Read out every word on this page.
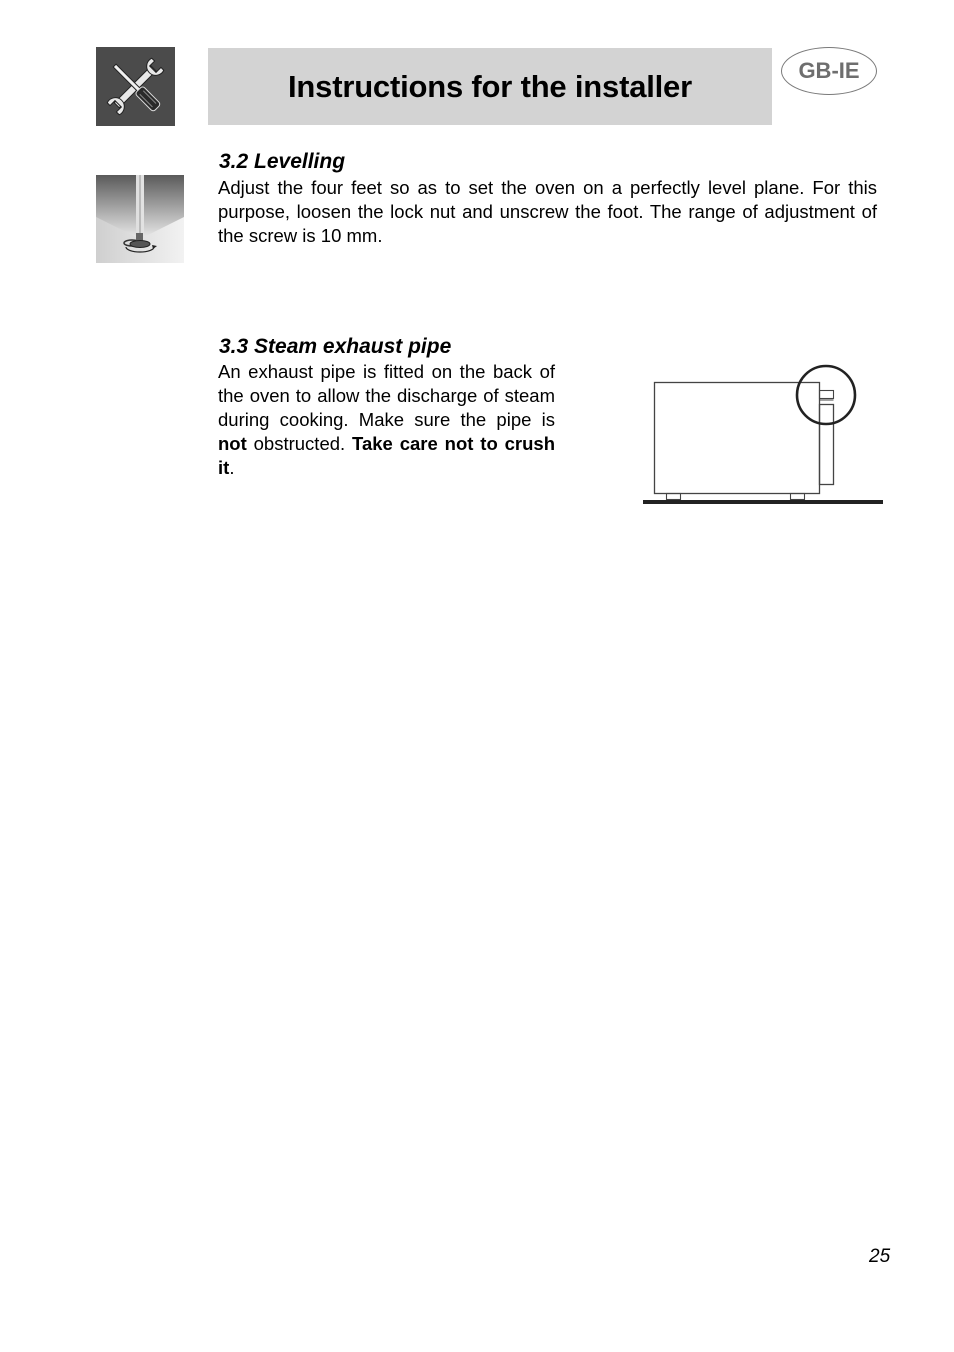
Instructions for the installer	GB-IE
3.2 Levelling
Adjust the four feet so as to set the oven on a perfectly level plane. For this purpose, loosen the lock nut and unscrew the foot. The range of adjustment of the screw is 10 mm.
3.3 Steam exhaust pipe
An exhaust pipe is fitted on the back of the oven to allow the discharge of steam during cooking. Make sure the pipe is not obstructed. Take care not to crush it.
25
